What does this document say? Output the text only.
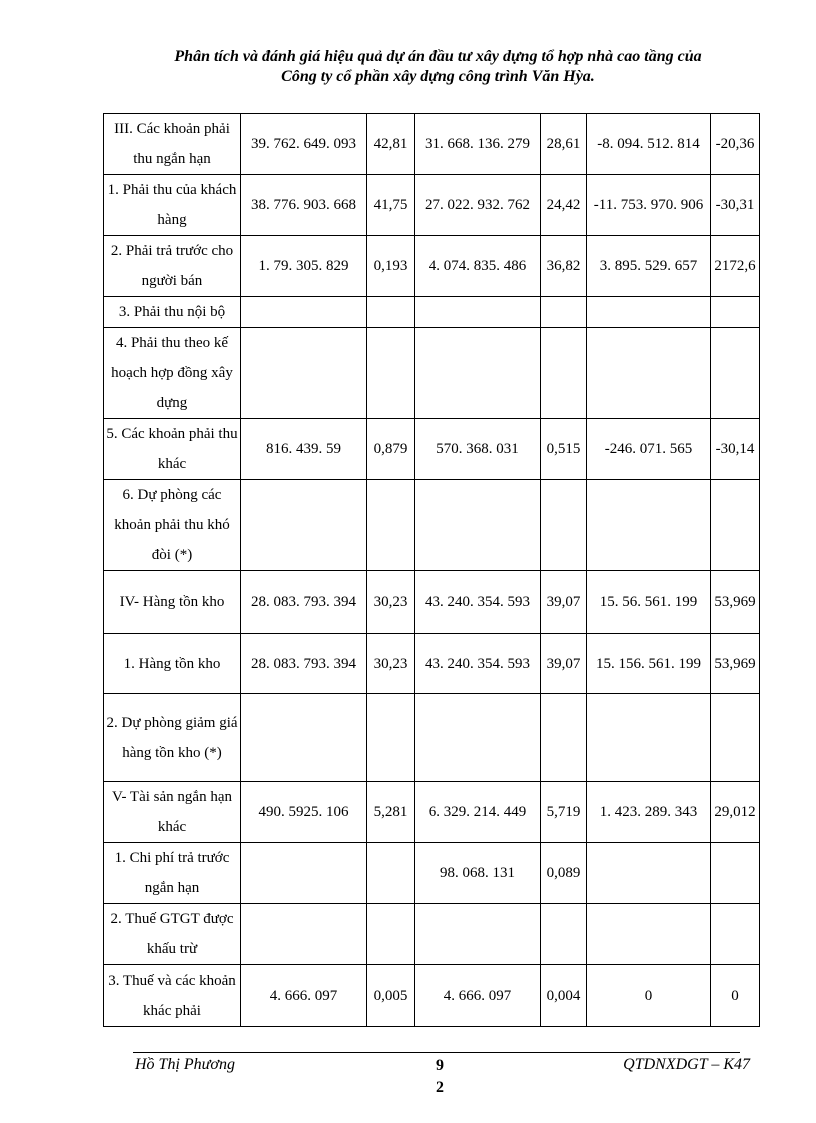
Phân tích và đánh giá hiệu quả dự án đầu tư xây dựng tổ hợp nhà cao tầng của
Công ty cổ phần xây dựng công trình Văn Hỳa.
III. Các khoản phải thu ngắn hạn	39. 762. 649. 093	42,81	31. 668. 136. 279	28,61	-8. 094. 512. 814	-20,36
1. Phải thu của khách hàng	38. 776. 903. 668	41,75	27. 022. 932. 762	24,42	-11. 753. 970. 906	-30,31
2. Phải trả trước cho người bán	1. 79. 305. 829	0,193	4. 074. 835. 486	36,82	3. 895. 529. 657	2172,6
3. Phải thu nội bộ						
4. Phải thu theo kế hoạch hợp đồng xây dựng						
5. Các khoản phải thu khác	816. 439. 59	0,879	570. 368. 031	0,515	-246. 071. 565	-30,14
6. Dự phòng các khoản phải thu khó đòi (*)						
IV- Hàng tồn kho	28. 083. 793. 394	30,23	43. 240. 354. 593	39,07	15. 56. 561. 199	53,969
1. Hàng tồn kho	28. 083. 793. 394	30,23	43. 240. 354. 593	39,07	15. 156. 561. 199	53,969
2. Dự phòng giảm giá hàng tồn kho (*)						
V- Tài sản ngắn hạn khác	490. 5925. 106	5,281	6. 329. 214. 449	5,719	1. 423. 289. 343	29,012
1. Chi phí trả trước ngắn hạn			98. 068. 131	0,089		
2. Thuế GTGT được khấu trừ						
3. Thuế và các khoản khác phải	4. 666. 097	0,005	4. 666. 097	0,004	0	0
Hồ Thị Phương	9
2
QTDNXDGT – K47
